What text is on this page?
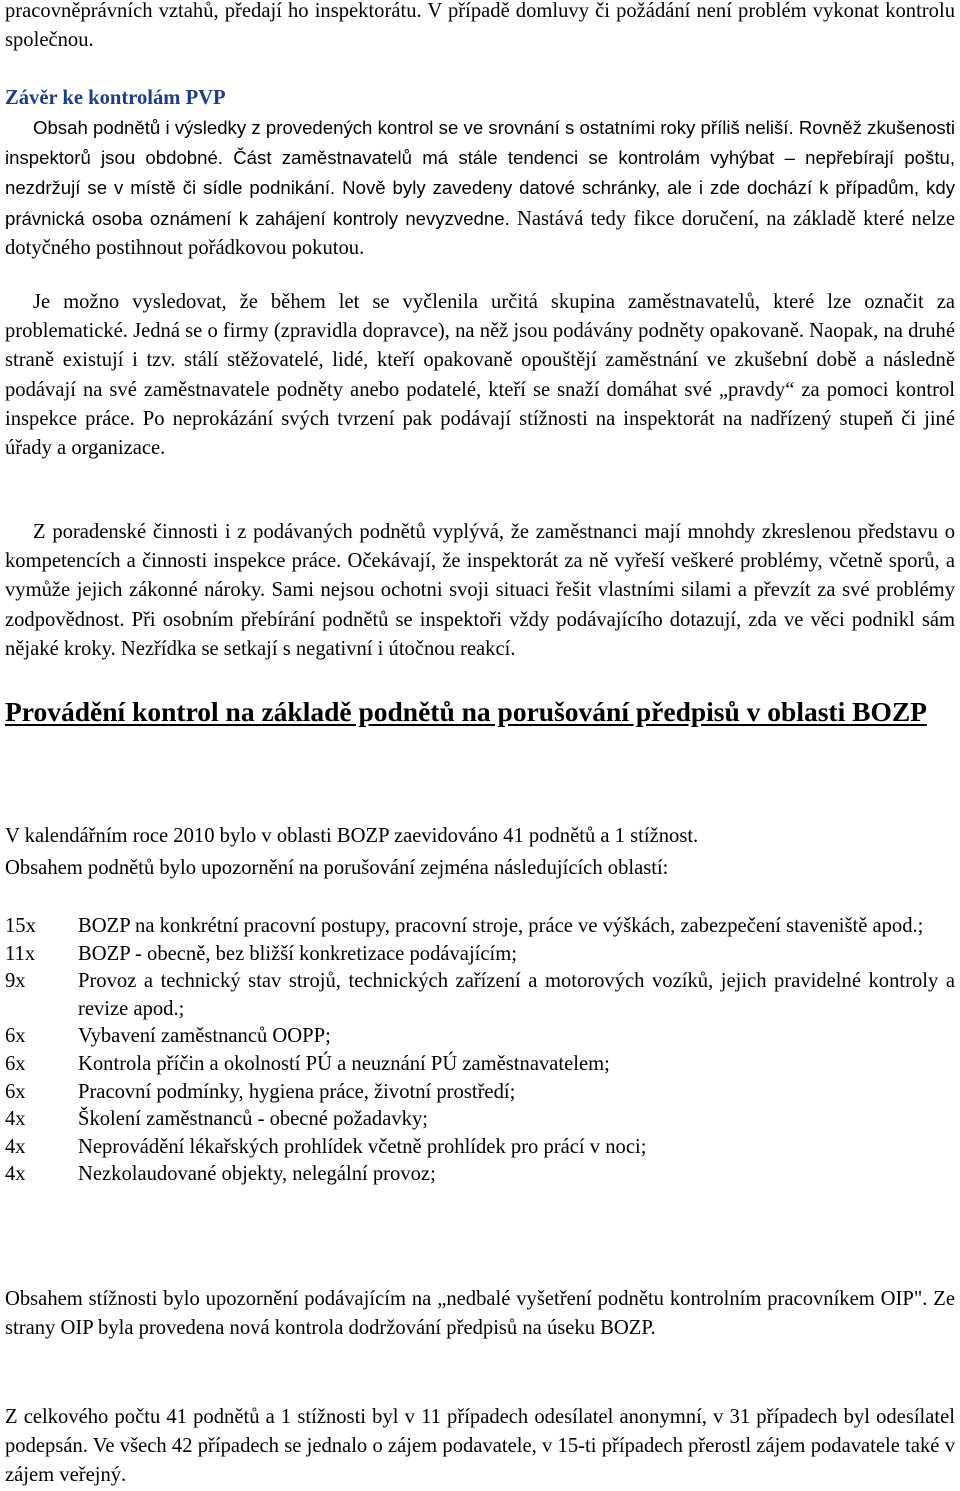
pracovněprávních vztahů, předají ho inspektorátu. V případě domluvy či požádání není problém vykonat kontrolu společnou.

Závěr ke kontrolám PVP

Obsah podnětů i výsledky z provedených kontrol se ve srovnání s ostatními roky příliš neliší. Rovněž zkušenosti inspektorů jsou obdobné. Část zaměstnavatelů má stále tendenci se kontrolám vyhýbat – nepřebírají poštu, nezdržují se v místě či sídle podnikání. Nově byly zavedeny datové schránky, ale i zde dochází k případům, kdy právnická osoba oznámení k zahájení kontroly nevyzvedne. Nastává tedy fikce doručení, na základě které nelze dotyčného postihnout pořádkovou pokutou.

Je možno vysledovat, že během let se vyčlenila určitá skupina zaměstnavatelů, které lze označit za problematické. Jedná se o firmy (zpravidla dopravce), na něž jsou podávány podněty opakovaně. Naopak, na druhé straně existují i tzv. stálí stěžovatelé, lidé, kteří opakovaně opouštějí zaměstnání ve zkušební době a následně podávají na své zaměstnavatele podněty anebo podatelé, kteří se snaží domáhat své „pravdy“ za pomoci kontrol inspekce práce. Po neprokázání svých tvrzení pak podávají stížnosti na inspektorát na nadřízený stupeň či jiné úřady a organizace.

Z poradenské činnosti i z podávaných podnětů vyplývá, že zaměstnanci mají mnohdy zkreslenou představu o kompetencích a činnosti inspekce práce. Očekávají, že inspektorát za ně vyřeší veškeré problémy, včetně sporů, a vymůže jejich zákonné nároky. Sami nejsou ochotni svoji situaci řešit vlastními silami a převzít za své problémy zodpovědnost. Při osobním přebírání podnětů se inspektoři vždy podávajícího dotazují, zda ve věci podnikl sám nějaké kroky. Nezřídka se setkají s negativní i útočnou reakcí.

Provádění kontrol na základě podnětů na porušování předpisů v oblasti BOZP

V kalendářním roce 2010 bylo v oblasti BOZP zaevidováno 41 podnětů a 1 stížnost.

Obsahem podnětů bylo upozornění na porušování zejména následujících oblastí:

15x	BOZP na konkrétní pracovní postupy, pracovní stroje, práce ve výškách, zabezpečení staveniště apod.;
11x	BOZP - obecně, bez bližší konkretizace podávajícím;
9x	Provoz a technický stav strojů, technických zařízení a motorových vozíků, jejich pravidelné kontroly a revize apod.;
6x	Vybavení zaměstnanců OOPP;
6x	Kontrola příčin a okolností PÚ a neuznání PÚ zaměstnavatelem;
6x	Pracovní podmínky, hygiena práce, životní prostředí;
4x	Školení zaměstnanců - obecné požadavky;
4x	Neprovádění lékařských prohlídek včetně prohlídek pro prácí v noci;
4x	Nezkolaudované objekty, nelegální provoz;

Obsahem stížnosti bylo upozornění podávajícím na „nedbalé vyšetření podnětu kontrolním pracovníkem OIP". Ze strany OIP byla provedena nová kontrola dodržování předpisů na úseku BOZP.

Z celkového počtu 41 podnětů a 1 stížnosti byl v 11 případech odesílatel anonymní, v 31 případech byl odesílatel podepsán. Ve všech 42 případech se jednalo o zájem podavatele, v 15-ti případech přerostl zájem podavatele také v zájem veřejný.
